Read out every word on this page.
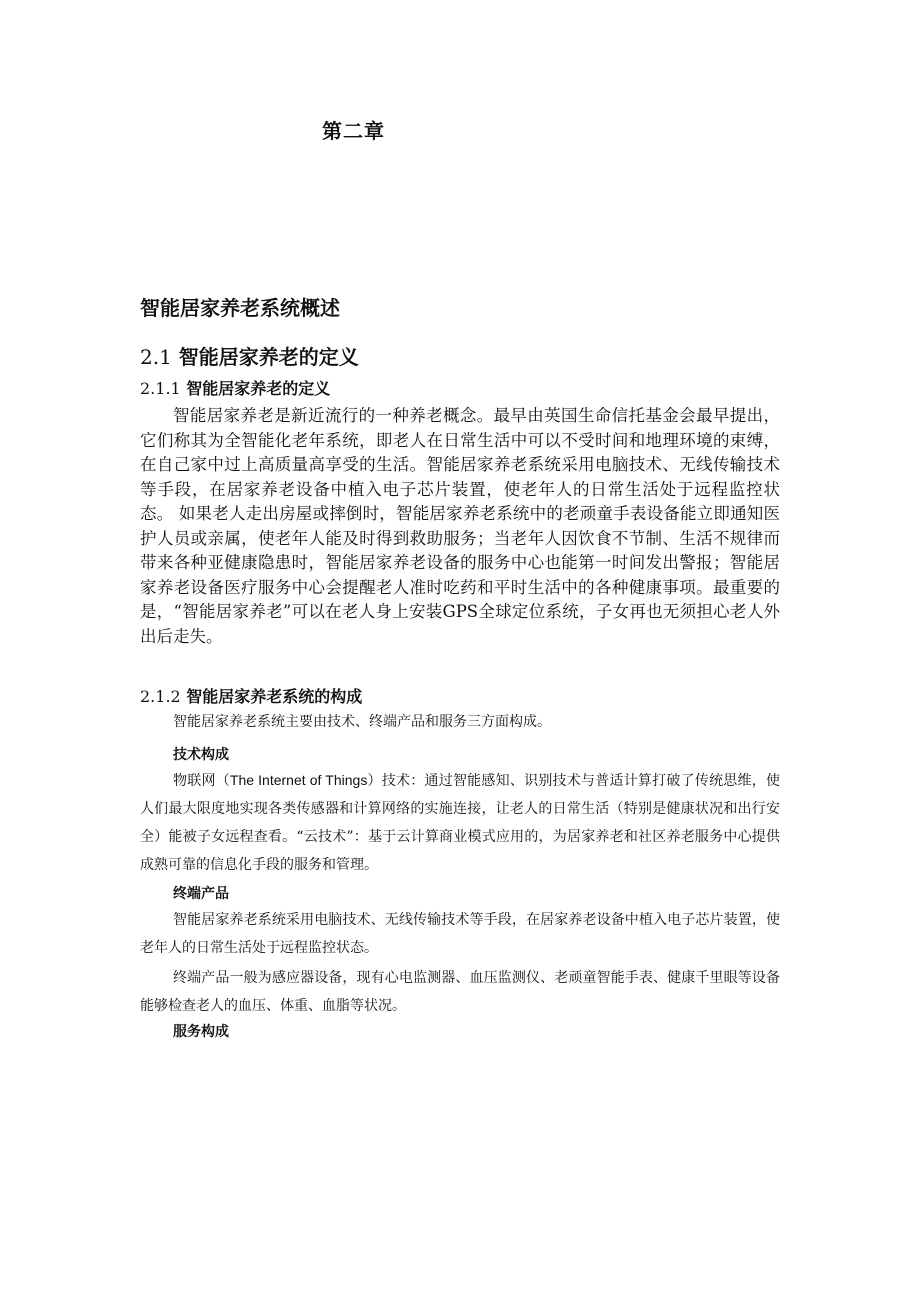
第二章
智能居家养老系统概述
2.1 智能居家养老的定义
2.1.1 智能居家养老的定义
智能居家养老是新近流行的一种养老概念。最早由英国生命信托基金会最早提出，它们称其为全智能化老年系统，即老人在日常生活中可以不受时间和地理环境的束缚，在自己家中过上高质量高享受的生活。智能居家养老系统采用电脑技术、无线传输技术等手段，在居家养老设备中植入电子芯片装置，使老年人的日常生活处于远程监控状态。 如果老人走出房屋或摔倒时，智能居家养老系统中的老顽童手表设备能立即通知医护人员或亲属，使老年人能及时得到救助服务；当老年人因饮食不节制、生活不规律而带来各种亚健康隐患时，智能居家养老设备的服务中心也能第一时间发出警报；智能居家养老设备医疗服务中心会提醒老人准时吃药和平时生活中的各种健康事项。最重要的是，“智能居家养老”可以在老人身上安装GPS全球定位系统，子女再也无须担心老人外出后走失。
2.1.2 智能居家养老系统的构成
智能居家养老系统主要由技术、终端产品和服务三方面构成。
技术构成
物联网（The Internet of Things）技术：通过智能感知、识别技术与普适计算打破了传统思维，使人们最大限度地实现各类传感器和计算网络的实施连接，让老人的日常生活（特别是健康状况和出行安全）能被子女远程查看。“云技术”：基于云计算商业模式应用的，为居家养老和社区养老服务中心提供成熟可靠的信息化手段的服务和管理。
终端产品
智能居家养老系统采用电脑技术、无线传输技术等手段，在居家养老设备中植入电子芯片装置，使老年人的日常生活处于远程监控状态。
终端产品一般为感应器设备，现有心电监测器、血压监测仪、老顽童智能手表、健康千里眼等设备能够检查老人的血压、体重、血脂等状况。
服务构成
